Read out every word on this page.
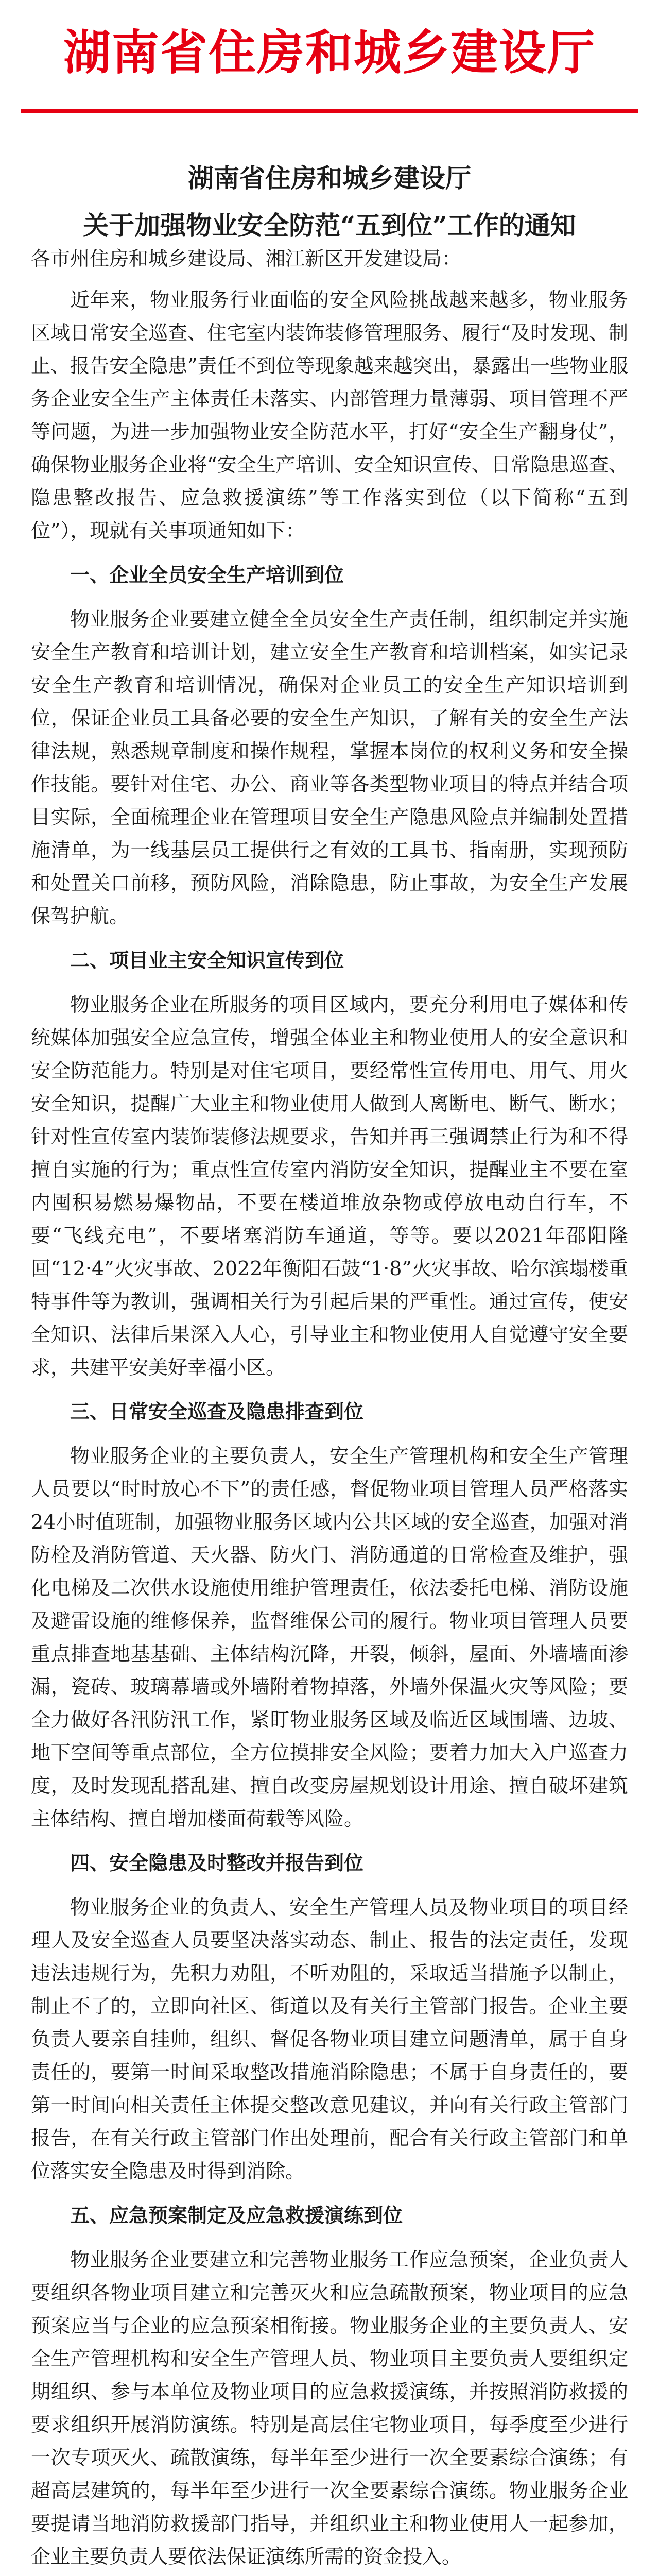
湖南省住房和城乡建设厅
湖南省住房和城乡建设厅
关于加强物业安全防范“五到位”工作的通知
各市州住房和城乡建设局、湘江新区开发建设局：

近年来，物业服务行业面临的安全风险挑战越来越多，物业服务区域日常安全巡查、住宅室内装饰装修管理服务、履行“及时发现、制止、报告安全隐患”责任不到位等现象越来越突出，暴露出一些物业服务企业安全生产主体责任未落实、内部管理力量薄弱、项目管理不严等问题，为进一步加强物业安全防范水平，打好“安全生产翻身仗”，确保物业服务企业将“安全生产培训、安全知识宣传、日常隐患巡查、隐患整改报告、应急救援演练”等工作落实到位（以下简称“五到位”），现就有关事项通知如下：

一、企业全员安全生产培训到位

物业服务企业要建立健全全员安全生产责任制，组织制定并实施安全生产教育和培训计划，建立安全生产教育和培训档案，如实记录安全生产教育和培训情况，确保对企业员工的安全生产知识培训到位，保证企业员工具备必要的安全生产知识，了解有关的安全生产法律法规，熟悉规章制度和操作规程，掌握本岗位的权利义务和安全操作技能。要针对住宅、办公、商业等各类型物业项目的特点并结合项目实际，全面梳理企业在管理项目安全生产隐患风险点并编制处置措施清单，为一线基层员工提供行之有效的工具书、指南册，实现预防和处置关口前移，预防风险，消除隐患，防止事故，为安全生产发展保驾护航。

二、项目业主安全知识宣传到位

物业服务企业在所服务的项目区域内，要充分利用电子媒体和传统媒体加强安全应急宣传，增强全体业主和物业使用人的安全意识和安全防范能力。特别是对住宅项目，要经常性宣传用电、用气、用火安全知识，提醒广大业主和物业使用人做到人离断电、断气、断水；针对性宣传室内装饰装修法规要求，告知并再三强调禁止行为和不得擅自实施的行为；重点性宣传室内消防安全知识，提醒业主不要在室内囤积易燃易爆物品，不要在楼道堆放杂物或停放电动自行车，不要“飞线充电”，不要堵塞消防车通道，等等。要以2021年邵阳隆回“12·4”火灾事故、2022年衡阳石鼓“1·8”火灾事故、哈尔滨塌楼重特事件等为教训，强调相关行为引起后果的严重性。通过宣传，使安全知识、法律后果深入人心，引导业主和物业使用人自觉遵守安全要求，共建平安美好幸福小区。

三、日常安全巡查及隐患排查到位

物业服务企业的主要负责人，安全生产管理机构和安全生产管理人员要以“时时放心不下”的责任感，督促物业项目管理人员严格落实24小时值班制，加强物业服务区域内公共区域的安全巡查，加强对消防栓及消防管道、天火器、防火门、消防通道的日常检查及维护，强化电梯及二次供水设施使用维护管理责任，依法委托电梯、消防设施及避雷设施的维修保养，监督维保公司的履行。物业项目管理人员要重点排查地基基础、主体结构沉降，开裂，倾斜，屋面、外墙墙面渗漏，瓷砖、玻璃幕墙或外墙附着物掉落，外墙外保温火灾等风险；要全力做好各汛防汛工作，紧盯物业服务区域及临近区域围墙、边坡、地下空间等重点部位，全方位摸排安全风险；要着力加大入户巡查力度，及时发现乱搭乱建、擅自改变房屋规划设计用途、擅自破坏建筑主体结构、擅自增加楼面荷载等风险。

四、安全隐患及时整改并报告到位

物业服务企业的负责人、安全生产管理人员及物业项目的项目经理人及安全巡查人员要坚决落实动态、制止、报告的法定责任，发现违法违规行为，先积力劝阻，不听劝阻的，采取适当措施予以制止，制止不了的，立即向社区、街道以及有关行主管部门报告。企业主要负责人要亲自挂帅，组织、督促各物业项目建立问题清单，属于自身责任的，要第一时间采取整改措施消除隐患；不属于自身责任的，要第一时间向相关责任主体提交整改意见建议，并向有关行政主管部门报告，在有关行政主管部门作出处理前，配合有关行政主管部门和单位落实安全隐患及时得到消除。

五、应急预案制定及应急救援演练到位

物业服务企业要建立和完善物业服务工作应急预案，企业负责人要组织各物业项目建立和完善灭火和应急疏散预案，物业项目的应急预案应当与企业的应急预案相衔接。物业服务企业的主要负责人、安全生产管理机构和安全生产管理人员、物业项目主要负责人要组织定期组织、参与本单位及物业项目的应急救援演练，并按照消防救援的要求组织开展消防演练。特别是高层住宅物业项目，每季度至少进行一次专项灭火、疏散演练，每半年至少进行一次全要素综合演练；有超高层建筑的，每半年至少进行一次全要素综合演练。物业服务企业要提请当地消防救援部门指导，并组织业主和物业使用人一起参加，企业主要负责人要依法保证演练所需的资金投入。
